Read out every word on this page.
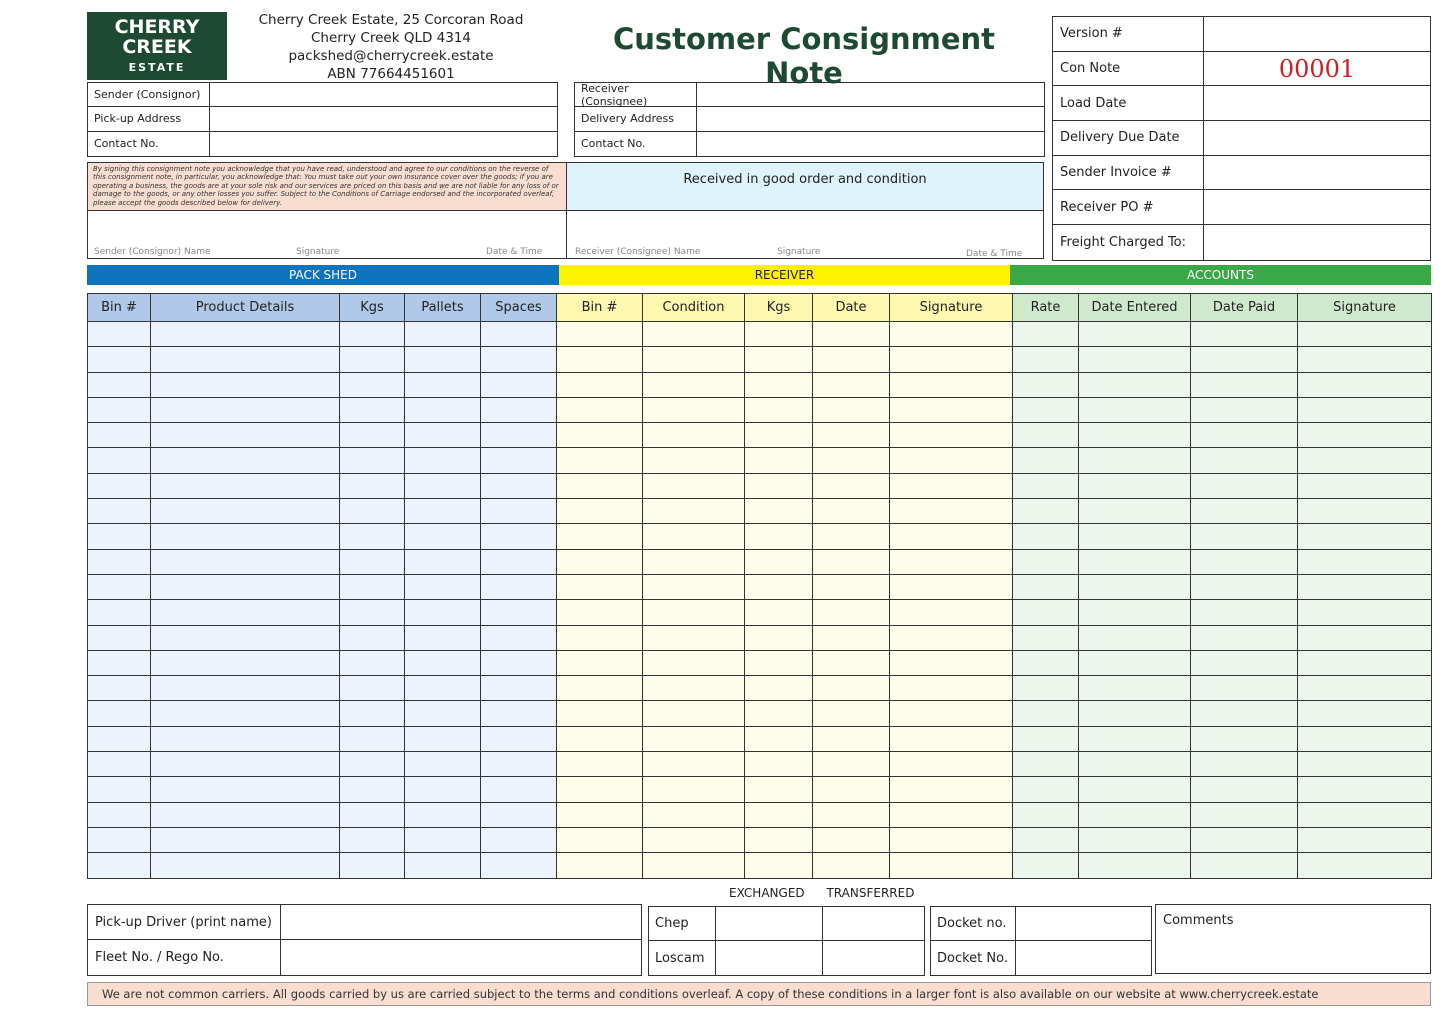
CHERRY
CREEK
ESTATE
Cherry Creek Estate, 25 Corcoran Road
Cherry Creek QLD 4314
packshed@cherrycreek.estate
ABN 77664451601
Customer Consignment Note
Version #
Con Note	00001
Load Date
Delivery Due Date
Sender Invoice #
Receiver PO #
Freight Charged To:
Sender (Consignor)
Pick-up Address
Contact No.
Receiver (Consignee)
Delivery Address
Contact No.
By signing this consignment note you acknowledge that you have read, understood and agree to our conditions on the reverse of this consignment note, in particular, you acknowledge that: You must take out your own insurance cover over the goods; if you are operating a business, the goods are at your sole risk and our services are priced on this basis and we are not liable for any loss of or damage to the goods, or any other losses you suffer. Subject to the Conditions of Carriage endorsed and the incorporated overleaf, please accept the goods described below for delivery.
Received in good order and condition
Sender (Consignor) Name	Signature	Date & Time	Receiver (Consignee) Name	Signature	Date & Time
PACK SHED	RECEIVER	ACCOUNTS
Bin #	Product Details	Kgs	Pallets	Spaces	Bin #	Condition	Kgs	Date	Signature	Rate	Date Entered	Date Paid	Signature

Pick-up Driver (print name)
Fleet No. / Rego No.
EXCHANGED TRANSFERRED
Chep
Loscam
Docket no.
Docket No.
Comments
We are not common carriers. All goods carried by us are carried subject to the terms and conditions overleaf. A copy of these conditions in a larger font is also available on our website at www.cherrycreek.estate
